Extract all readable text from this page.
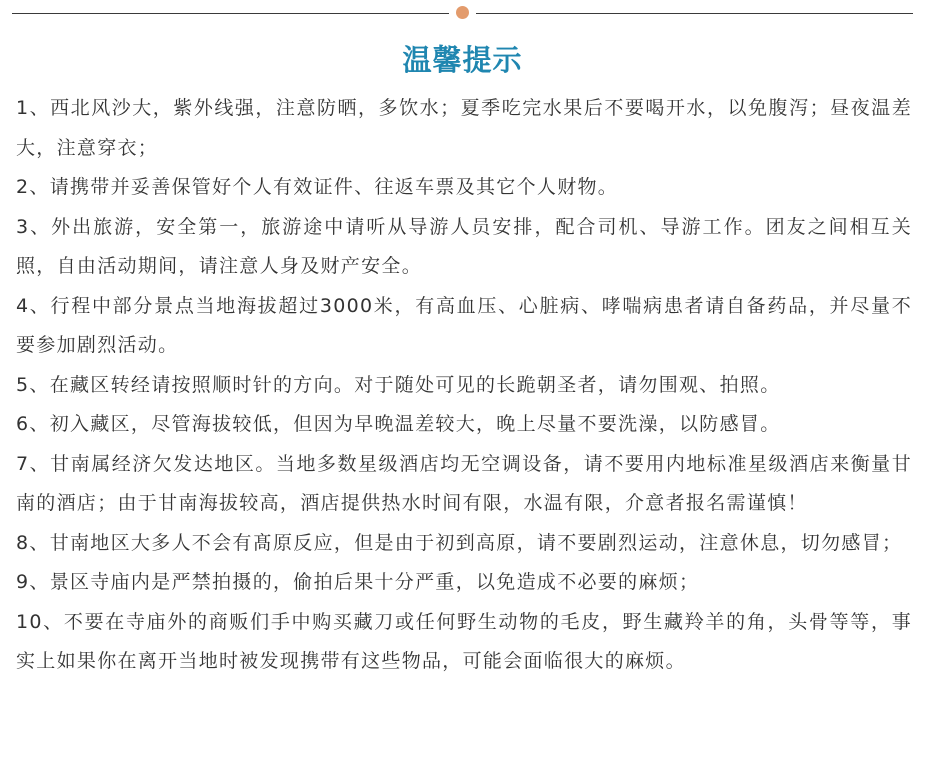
温馨提示
1、西北风沙大，紫外线强，注意防晒，多饮水；夏季吃完水果后不要喝开水，以免腹泻；昼夜温差大，注意穿衣；
2、请携带并妥善保管好个人有效证件、往返车票及其它个人财物。
3、外出旅游，安全第一，旅游途中请听从导游人员安排，配合司机、导游工作。团友之间相互关照，自由活动期间，请注意人身及财产安全。
4、行程中部分景点当地海拔超过3000米，有高血压、心脏病、哮喘病患者请自备药品，并尽量不要参加剧烈活动。
5、在藏区转经请按照顺时针的方向。对于随处可见的长跪朝圣者，请勿围观、拍照。
6、初入藏区，尽管海拔较低，但因为早晚温差较大，晚上尽量不要洗澡，以防感冒。
7、甘南属经济欠发达地区。当地多数星级酒店均无空调设备，请不要用内地标准星级酒店来衡量甘南的酒店；由于甘南海拔较高，酒店提供热水时间有限，水温有限，介意者报名需谨慎！
8、甘南地区大多人不会有髙原反应，但是由于初到高原，请不要剧烈运动，注意休息，切勿感冒；
9、景区寺庙内是严禁拍摄的，偷拍后果十分严重，以免造成不必要的麻烦；
10、不要在寺庙外的商贩们手中购买藏刀或任何野生动物的毛皮，野生藏羚羊的角，头骨等等，事实上如果你在离开当地时被发现携带有这些物品，可能会面临很大的麻烦。
